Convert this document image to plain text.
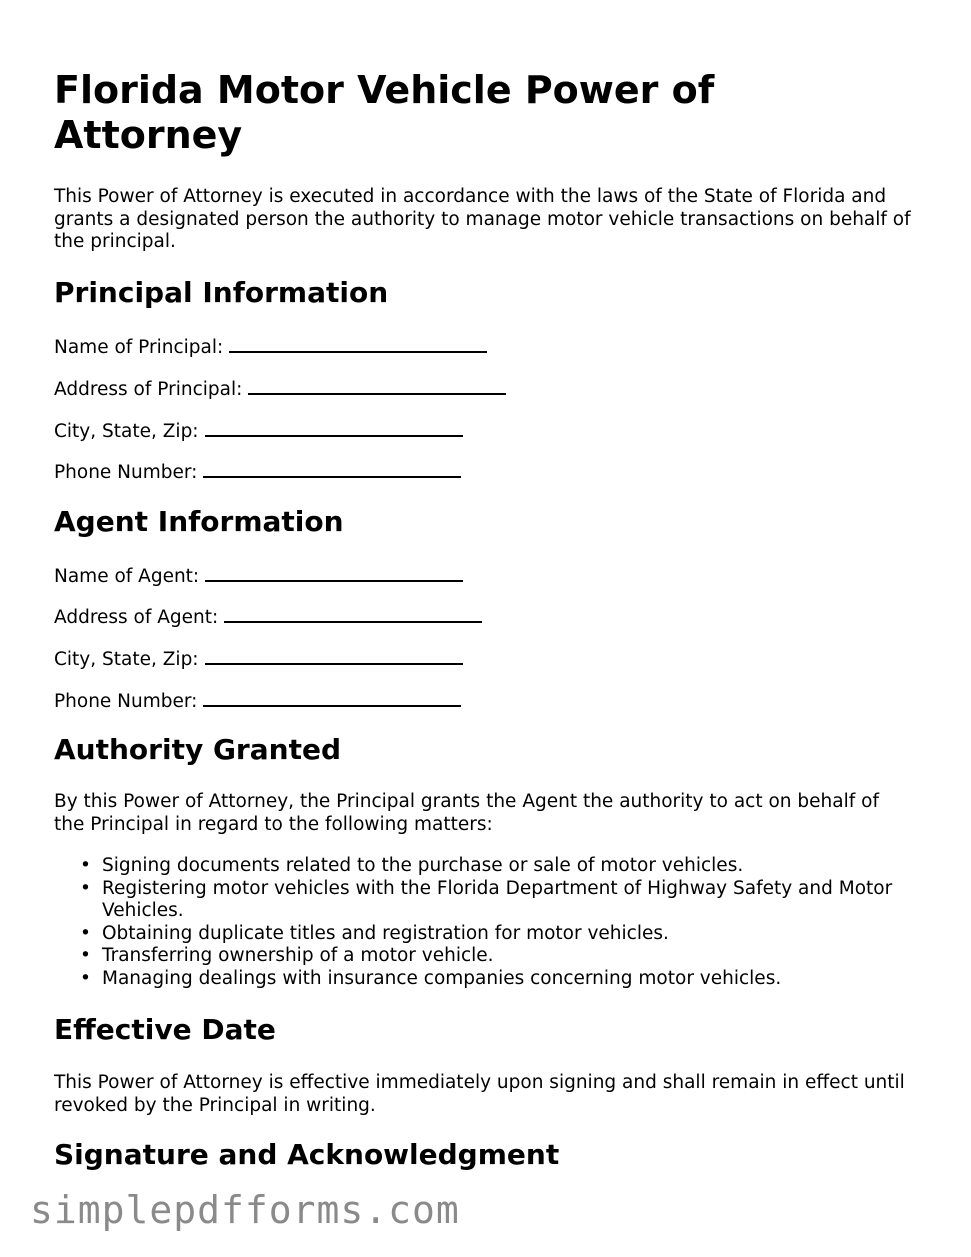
Florida Motor Vehicle Power of Attorney

This Power of Attorney is executed in accordance with the laws of the State of Florida and grants a designated person the authority to manage motor vehicle transactions on behalf of the principal.

Principal Information
Name of Principal:
Address of Principal:
City, State, Zip:
Phone Number:
Agent Information
Name of Agent:
Address of Agent:
City, State, Zip:
Phone Number:
Authority Granted

By this Power of Attorney, the Principal grants the Agent the authority to act on behalf of the Principal in regard to the following matters:

• Signing documents related to the purchase or sale of motor vehicles.
• Registering motor vehicles with the Florida Department of Highway Safety and Motor Vehicles.
• Obtaining duplicate titles and registration for motor vehicles.
• Transferring ownership of a motor vehicle.
• Managing dealings with insurance companies concerning motor vehicles.
Effective Date

This Power of Attorney is effective immediately upon signing and shall remain in effect until revoked by the Principal in writing.

Signature and Acknowledgment
simplepdfforms.com
